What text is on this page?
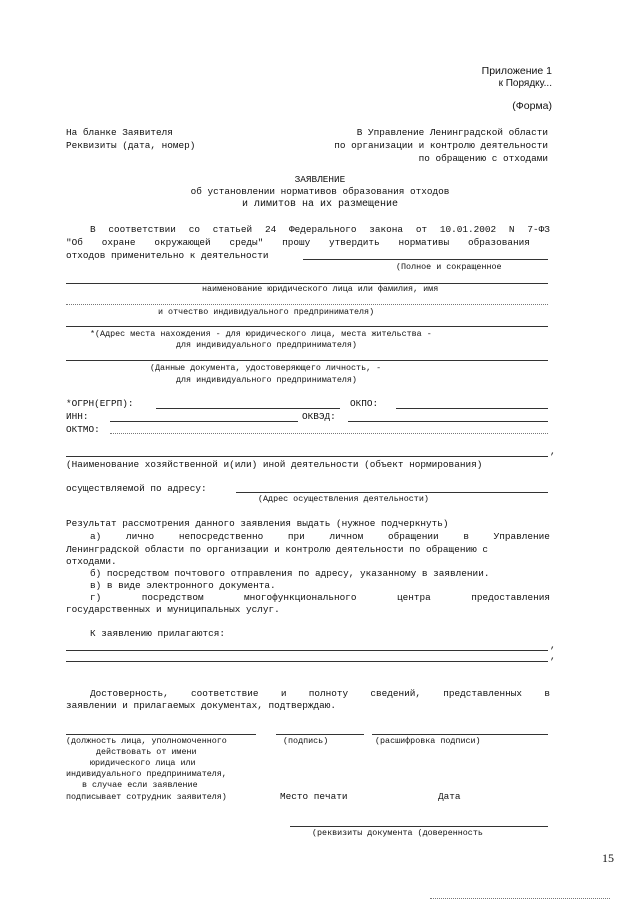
Приложение 1
к Порядку...
(Форма)
На бланке Заявителя
Реквизиты (дата, номер)
В Управление Ленинградской области
по организации и контролю деятельности
по обращению с отходами
ЗАЯВЛЕНИЕ
об установлении нормативов образования отходов
и лимитов на их размещение
В соответствии со статьей 24 Федерального закона от 10.01.2002 N 7-ФЗ
"Об охране окружающей среды" прошу утвердить нормативы образования
отходов применительно к деятельности
(Полное и сокращенное
наименование юридического лица или фамилия, имя
и отчество индивидуального предпринимателя)
*(Адрес места нахождения - для юридического лица, места жительства -
для индивидуального предпринимателя)
(Данные документа, удостоверяющего личность, -
для индивидуального предпринимателя)
*ОГРН(ЕГРП):	ОКПО:
ИНН:	ОКВЭД:
ОКТМО:
,
(Наименование хозяйственной и(или) иной деятельности (объект нормирования)
осуществляемой по адресу:
(Адрес осуществления деятельности)
Результат рассмотрения данного заявления выдать (нужное подчеркнуть)
а)	лично	непосредственно	при	личном	обращении	в	Управление
Ленинградской области по организации и контролю деятельности по обращению с
отходами.
б) посредством почтового отправления по адресу, указанному в заявлении.
в) в виде электронного документа.
г)	посредством	многофункционального	центра	предоставления
государственных и муниципальных услуг.
К заявлению прилагаются:
,
,
Достоверность, соответствие и полноту сведений, представленных в
заявлении и прилагаемых документах, подтверждаю.
(должность лица, уполномоченного	(подпись)	(расшифровка подписи)
действовать от имени
юридического лица или
индивидуального предпринимателя,
в случае если заявление
подписывает сотрудник заявителя)	Место печати	Дата
(реквизиты документа (доверенность
15
